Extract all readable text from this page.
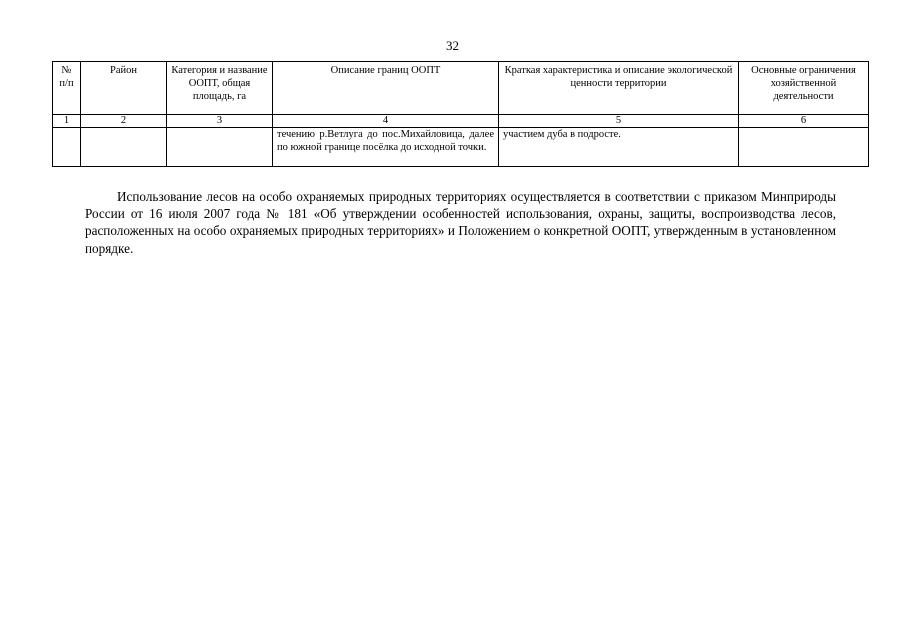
32
№ п/п	Район	Категория и название ООПТ, общая площадь, га	Описание границ ООПТ	Краткая характеристика и описание экологической ценности территории	Основные ограничения хозяйственной деятельности
1	2	3	4	5	6
			течению р.Ветлуга до пос.Михайловица, далее по южной границе посёлка до исходной точки.	участием дуба в подросте.	

Использование лесов на особо охраняемых природных территориях осуществляется в соответствии с приказом Минприроды России от 16 июля 2007 года № 181 «Об утверждении особенностей использования, охраны, защиты, воспроизводства лесов, расположенных на особо охраняемых природных территориях» и Положением о конкретной ООПТ, утвержденным в установленном порядке.
